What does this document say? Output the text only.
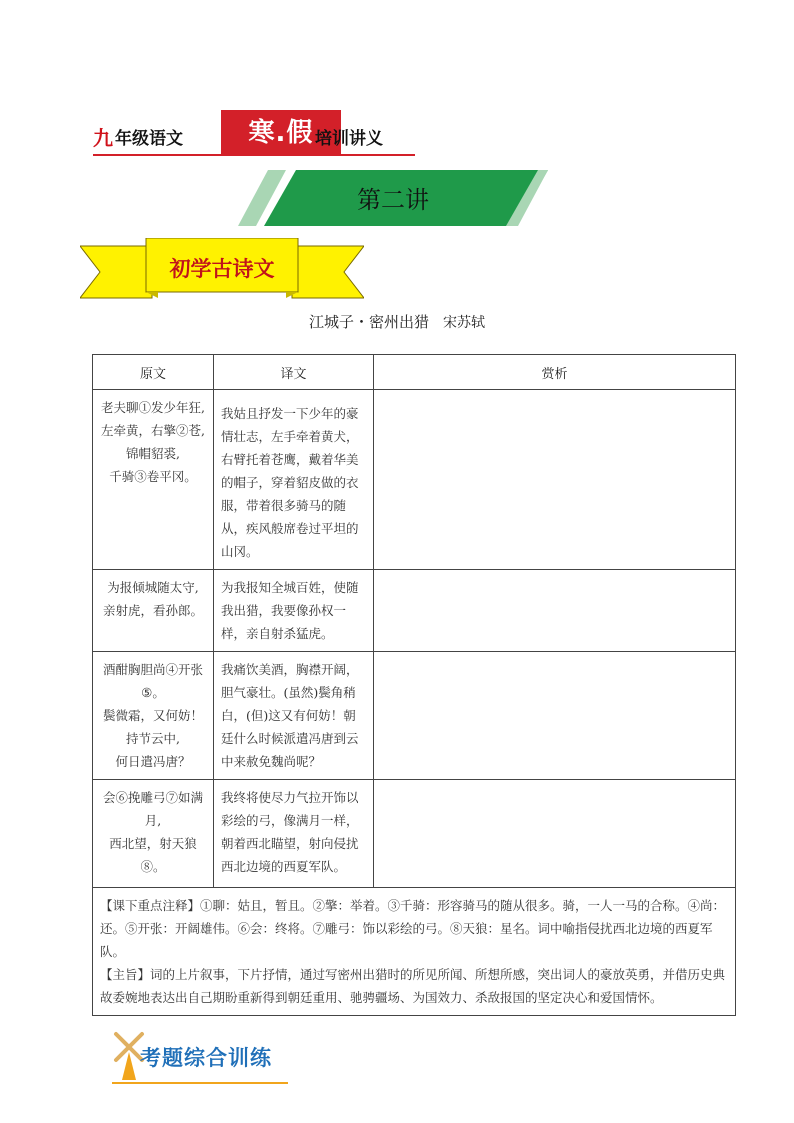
九 年级语文	寒.假 培训讲义
第二讲
初学古诗文
江城子・密州出猎 宋苏轼
原文	译文	赏析

老夫聊①发少年狂,
左牵黄，右擎②苍,
锦帽貂裘,
千骑③卷平冈。	我姑且抒发一下少年的豪情壮志，左手牵着黄犬，右臂托着苍鹰，戴着华美的帽子，穿着貂皮做的衣服，带着很多骑马的随从，疾风般席卷过平坦的山冈。	

为报倾城随太守,
亲射虎，看孙郎。	为我报知全城百姓，使随我出猎，我要像孙权一样，亲自射杀猛虎。	

酒酣胸胆尚④开张
⑤。
鬓微霜，又何妨！
持节云中,
何日遣冯唐？	我痛饮美酒，胸襟开阔，胆气豪壮。(虽然)鬓角稍白，(但)这又有何妨！朝廷什么时候派遣冯唐到云中来赦免魏尚呢？	

会⑥挽雕弓⑦如满
月,
西北望，射天狼⑧。	我终将使尽力气拉开饰以彩绘的弓，像满月一样，朝着西北瞄望，射向侵扰西北边境的西夏军队。	

【课下重点注释】①聊：姑且，暂且。②擎：举着。③千骑：形容骑马的随从很多。骑，一人一马的合称。④尚：还。⑤开张：开阔雄伟。⑥会：终将。⑦雕弓：饰以彩绘的弓。⑧天狼：星名。词中喻指侵扰西北边境的西夏军队。

【主旨】词的上片叙事，下片抒情，通过写密州出猎时的所见所闻、所想所感，突出词人的豪放英勇，并借历史典故委婉地表达出自己期盼重新得到朝廷重用、驰骋疆场、为国效力、杀敌报国的坚定决心和爱国情怀。		

考题综合训练
